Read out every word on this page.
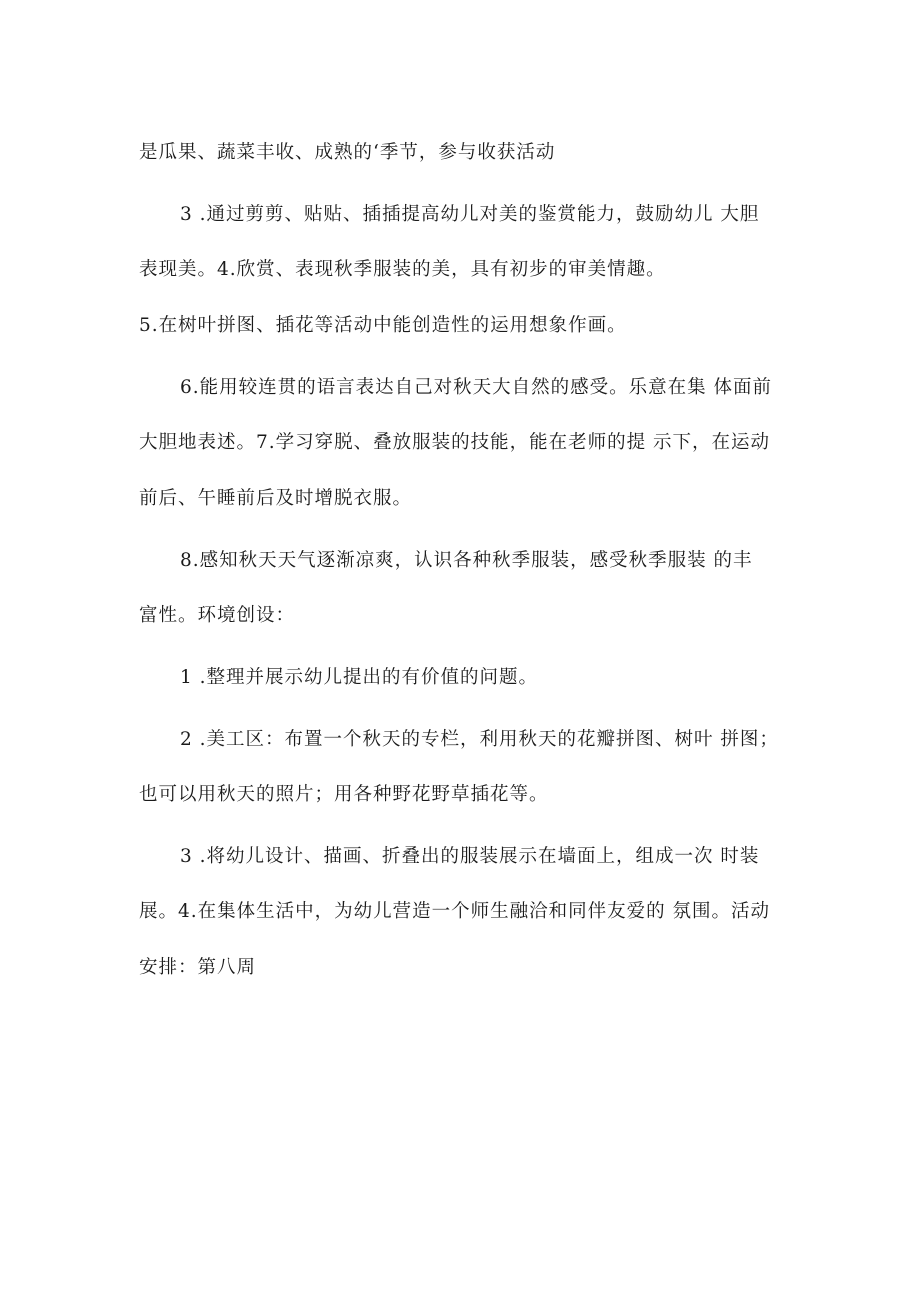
是瓜果、蔬菜丰收、成熟的‘季节，参与收获活动
3 .通过剪剪、贴贴、插插提高幼儿对美的鉴赏能力，鼓励幼儿 大胆
表现美。4.欣赏、表现秋季服装的美，具有初步的审美情趣。
5.在树叶拼图、插花等活动中能创造性的运用想象作画。
6.能用较连贯的语言表达自己对秋天大自然的感受。乐意在集 体面前
大胆地表述。7.学习穿脱、叠放服装的技能，能在老师的提 示下，在运动
前后、午睡前后及时增脱衣服。
8.感知秋天天气逐渐凉爽，认识各种秋季服装，感受秋季服装 的丰
富性。环境创设：
1 .整理并展示幼儿提出的有价值的问题。
2 .美工区：布置一个秋天的专栏，利用秋天的花瓣拼图、树叶 拼图；
也可以用秋天的照片；用各种野花野草插花等。
3 .将幼儿设计、描画、折叠出的服装展示在墙面上，组成一次 时装
展。4.在集体生活中，为幼儿营造一个师生融洽和同伴友爱的 氛围。活动
安排：第八周
